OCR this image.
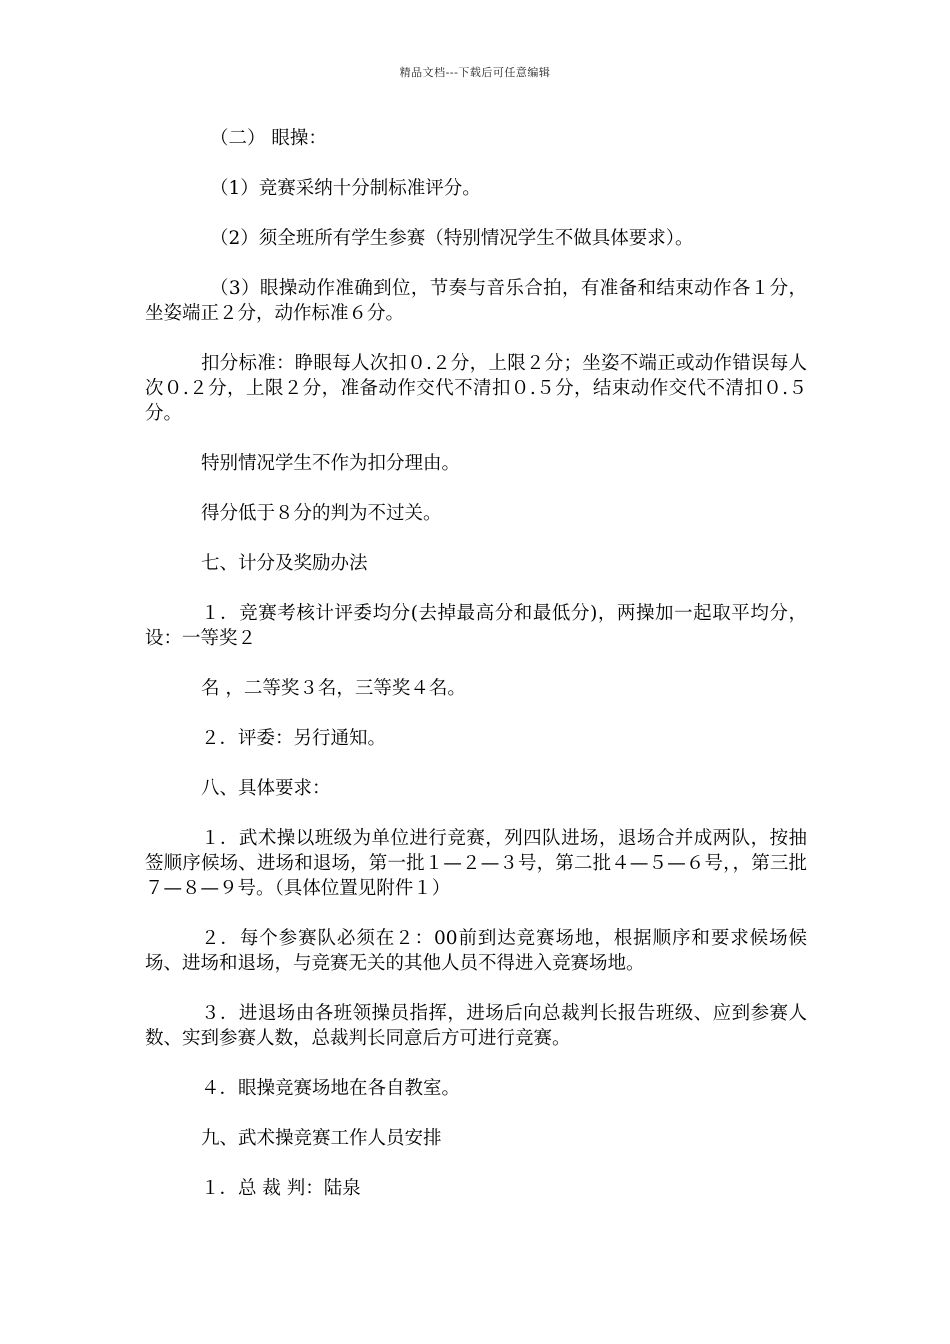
精品文档---下载后可任意编辑

（二） 眼操：

（1）竞赛采纳十分制标准评分。

（2）须全班所有学生参赛（特别情况学生不做具体要求）。

（3）眼操动作准确到位，节奏与音乐合拍，有准备和结束动作各１分，坐姿端正２分，动作标准６分。

扣分标准：睁眼每人次扣０.２分，上限２分；坐姿不端正或动作错误每人次０.２分，上限２分，准备动作交代不清扣０.５分，结束动作交代不清扣０.５分。

特别情况学生不作为扣分理由。

得分低于８分的判为不过关。

七、计分及奖励办法

１．竞赛考核计评委均分(去掉最高分和最低分)，两操加一起取平均分，设：一等奖２

名 ，二等奖３名，三等奖４名。

２．评委：另行通知。

八、具体要求：

１．武术操以班级为单位进行竞赛，列四队进场，退场合并成两队，按抽签顺序候场、进场和退场，第一批１—２—３号，第二批４—５—６号，，第三批７—８—９号。（具体位置见附件１）

２．每个参赛队必须在２：00前到达竞赛场地，根据顺序和要求候场候场、进场和退场，与竞赛无关的其他人员不得进入竞赛场地。

３．进退场由各班领操员指挥，进场后向总裁判长报告班级、应到参赛人数、实到参赛人数，总裁判长同意后方可进行竞赛。

４．眼操竞赛场地在各自教室。

九、武术操竞赛工作人员安排

１．总 裁 判：陆泉
